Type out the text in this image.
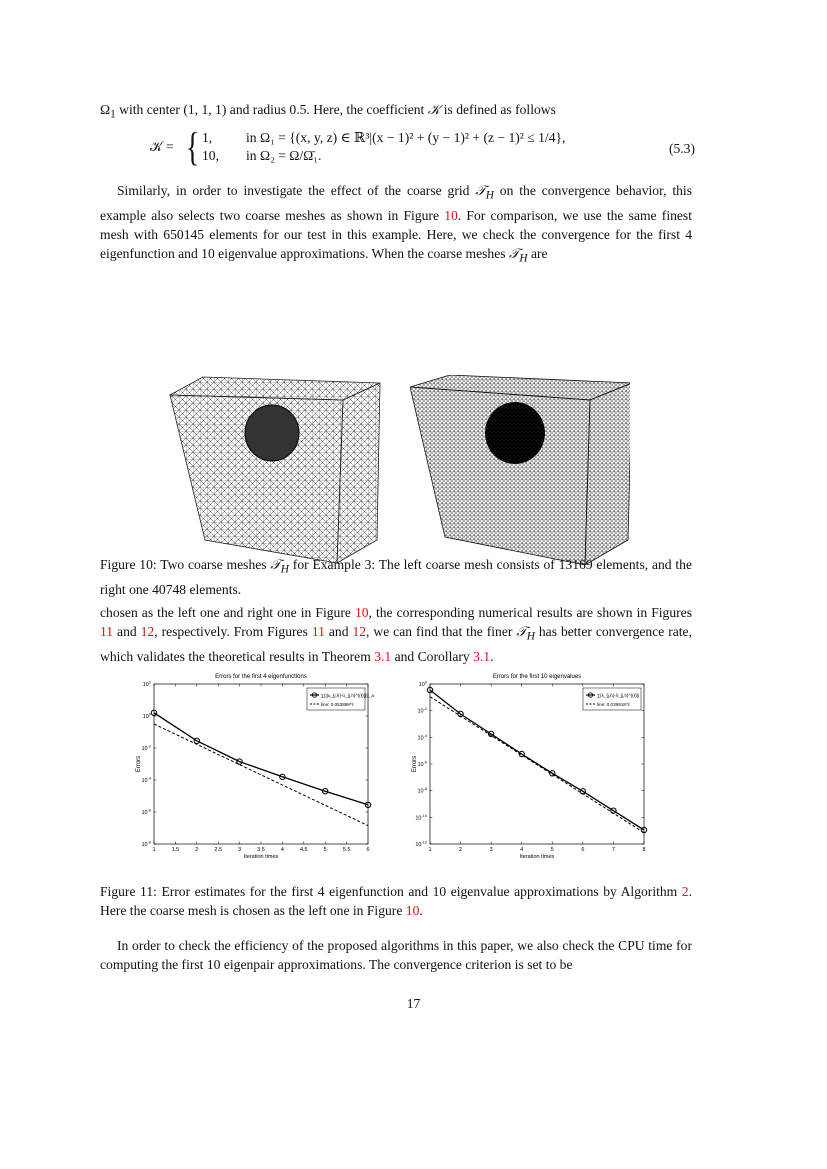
$\Omega_1$ with center (1, 1, 1) and radius 0.5. Here, the coefficient 𝒦 is defined as follows
𝒦 = { 1, in Ω₁ = {(x, y, z) ∈ ℝ³|(x − 1)² + (y − 1)² + (z − 1)² ≤ 1/4},
10, in Ω₂ = Ω/Ω̄₁.	(5.3)
Similarly, in order to investigate the effect of the coarse grid 𝒯$_H$ on the convergence behavior, this example also selects two coarse meshes as shown in Figure 10. For comparison, we use the same finest mesh with 650145 elements for our test in this example. Here, we check the convergence for the first 4 eigenfunction and 10 eigenvalue approximations. When the coarse meshes 𝒯$_H$ are
Figure 10: Two coarse meshes 𝒯$_H$ for Example 3: The left coarse mesh consists of 13169 elements, and the right one 40748 elements.
chosen as the left one and right one in Figure 10, the corresponding numerical results are shown in Figures 11 and 12, respectively. From Figures 11 and 12, we can find that the finer 𝒯$_H$ has better convergence rate, which validates the theoretical results in Theorem 3.1 and Corollary 3.1.
Errors for the first 4 eigenfunctions
1	1.5	2	2.5	3	3.5	4	4.5	5	5.5	6
$10^2$
$10^0$
$10^{-2}$
$10^{-4}$
$10^{-6}$
$10^{-8}$
Iteration times
Errors
∑|||u_{j,h}-ū_{j,h}^{(ℓ)}|||_a
line: 0.053898^ℓ
Errors for the first 10 eigenvalues
1	2	3	4	5	6	7	8
$10^0$
$10^{-2}$
$10^{-4}$
$10^{-6}$
$10^{-8}$
$10^{-10}$
$10^{-12}$
Iteration times
Errors
∑|λ_{j,h}-λ̄_{j,h}^{(ℓ)}|
line: 0.039918^ℓ
Figure 11: Error estimates for the first 4 eigenfunction and 10 eigenvalue approximations by Algorithm 2. Here the coarse mesh is chosen as the left one in Figure 10.
In order to check the efficiency of the proposed algorithms in this paper, we also check the CPU time for computing the first 10 eigenpair approximations. The convergence criterion is set to be
17
